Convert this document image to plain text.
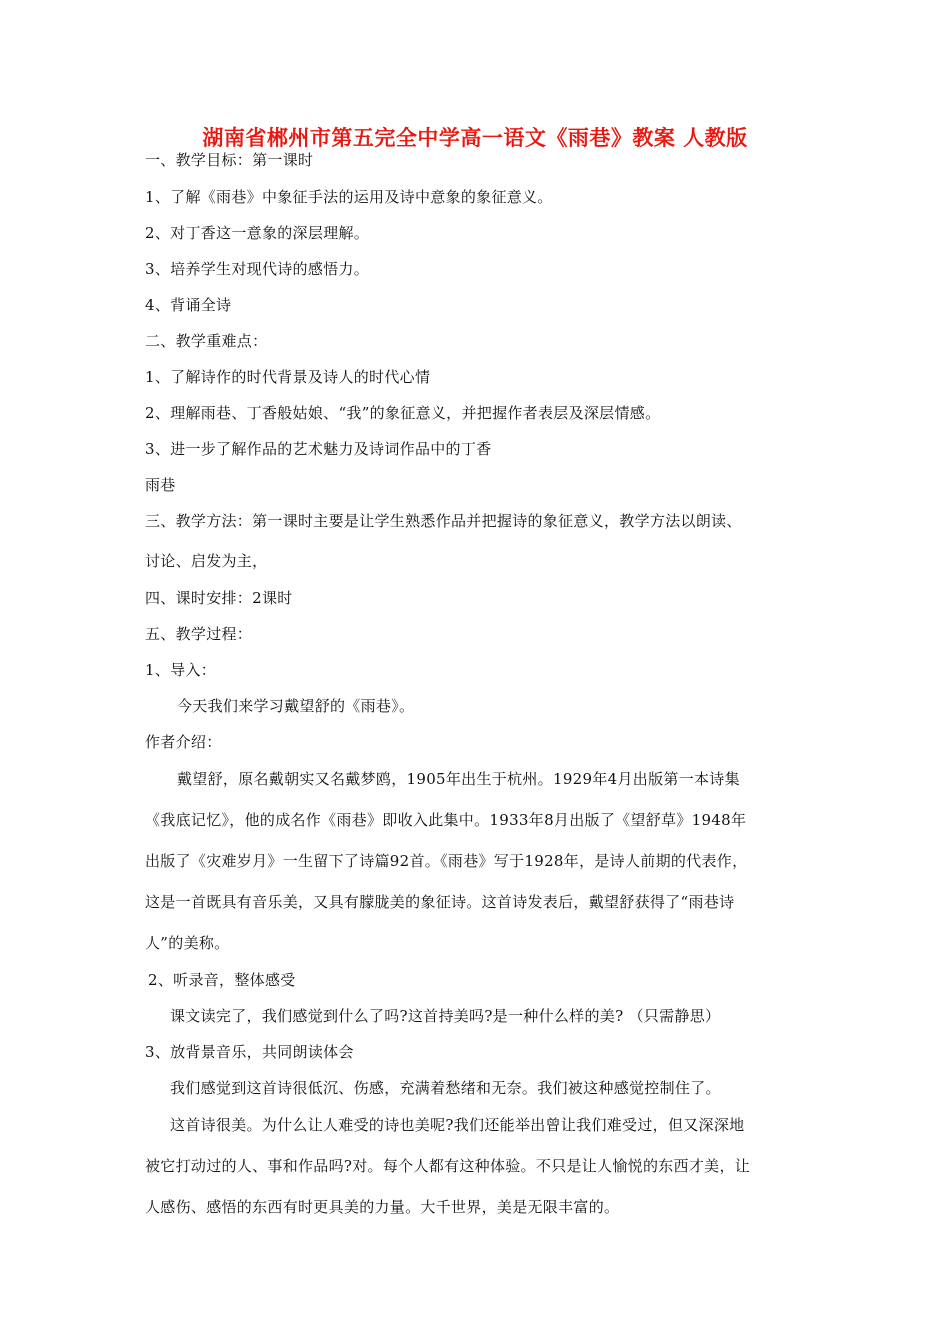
湖南省郴州市第五完全中学高一语文《雨巷》教案 人教版
一、教学目标：第一课时
1、了解《雨巷》中象征手法的运用及诗中意象的象征意义。
2、对丁香这一意象的深层理解。
3、培养学生对现代诗的感悟力。
4、背诵全诗
二、教学重难点：
1、了解诗作的时代背景及诗人的时代心情
2、理解雨巷、丁香般姑娘、“我”的象征意义，并把握作者表层及深层情感。
3、进一步了解作品的艺术魅力及诗词作品中的丁香
雨巷
三、教学方法：第一课时主要是让学生熟悉作品并把握诗的象征意义，教学方法以朗读、
讨论、启发为主，
四、课时安排：2课时
五、教学过程：
1、导入：
今天我们来学习戴望舒的《雨巷》。
作者介绍：
戴望舒，原名戴朝实又名戴梦鸥，1905年出生于杭州。1929年4月出版第一本诗集
《我底记忆》，他的成名作《雨巷》即收入此集中。1933年8月出版了《望舒草》1948年
出版了《灾难岁月》一生留下了诗篇92首。《雨巷》写于1928年，是诗人前期的代表作，
这是一首既具有音乐美，又具有朦胧美的象征诗。这首诗发表后，戴望舒获得了“雨巷诗
人”的美称。
2、听录音，整体感受
课文读完了，我们感觉到什么了吗?这首持美吗?是一种什么样的美? （只需静思）
3、放背景音乐，共同朗读体会
我们感觉到这首诗很低沉、伤感，充满着愁绪和无奈。我们被这种感觉控制住了。
这首诗很美。为什么让人难受的诗也美呢?我们还能举出曾让我们难受过，但又深深地
被它打动过的人、事和作品吗?对。每个人都有这种体验。不只是让人愉悦的东西才美，让
人感伤、感悟的东西有时更具美的力量。大千世界，美是无限丰富的。
